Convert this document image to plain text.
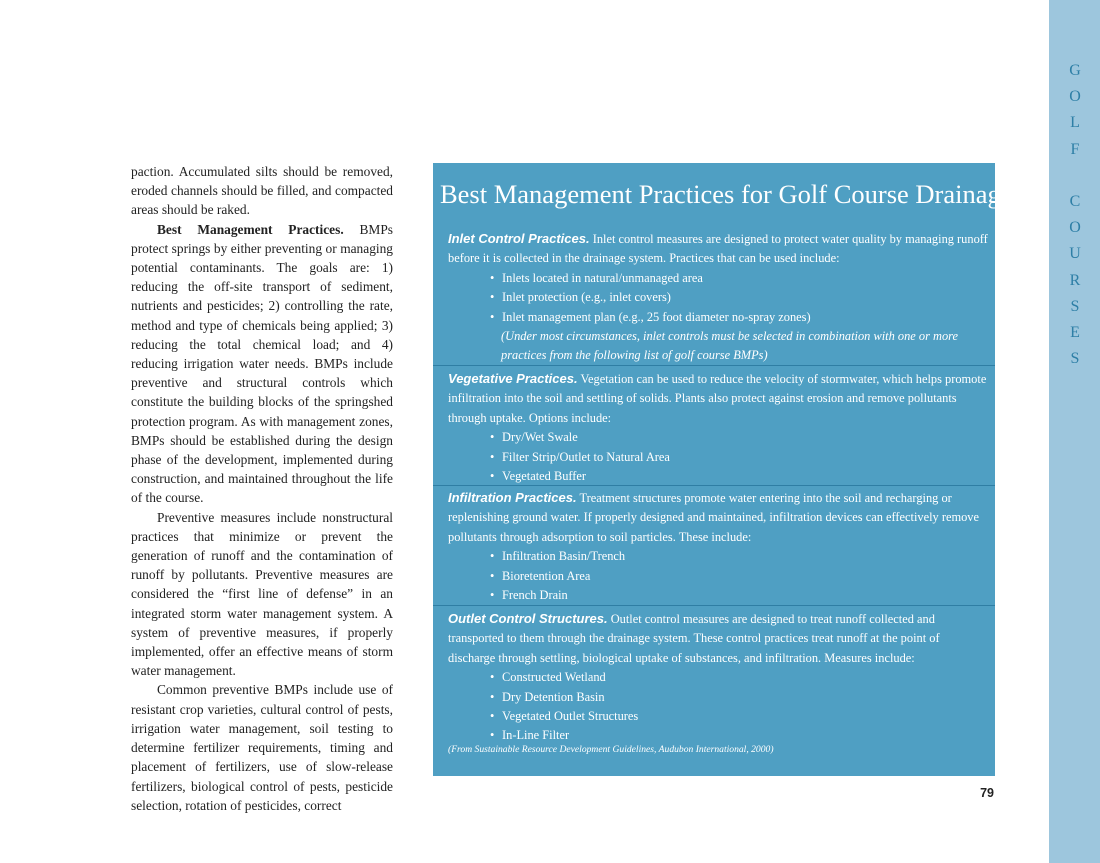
G
O
L
F

C
O
U
R
S
E
S

paction. Accumulated silts should be removed, eroded channels should be filled, and compacted areas should be raked.

Best Management Practices. BMPs protect springs by either preventing or managing potential contaminants. The goals are: 1) reducing the off-site transport of sediment, nutrients and pesticides; 2) controlling the rate, method and type of chemicals being applied; 3) reducing the total chemical load; and 4) reducing irrigation water needs. BMPs include preventive and structural controls which constitute the building blocks of the springshed protection program. As with management zones, BMPs should be established during the design phase of the development, implemented during construction, and maintained throughout the life of the course.

Preventive measures include nonstructural practices that minimize or prevent the generation of runoff and the contamination of runoff by pollutants. Preventive measures are considered the “first line of defense” in an integrated storm water management system. A system of preventive measures, if properly implemented, offer an effective means of storm water management.

Common preventive BMPs include use of resistant crop varieties, cultural control of pests, irrigation water management, soil testing to determine fertilizer requirements, timing and placement of fertilizers, use of slow-release fertilizers, biological control of pests, pesticide selection, rotation of pesticides, correct

Best Management Practices for Golf Course Drainage

Inlet Control Practices. Inlet control measures are designed to protect water quality by managing runoff before it is collected in the drainage system. Practices that can be used include:

• Inlets located in natural/unmanaged area
• Inlet protection (e.g., inlet covers)
• Inlet management plan (e.g., 25 foot diameter no-spray zones)

(Under most circumstances, inlet controls must be selected in combination with one or more practices from the following list of golf course BMPs)

Vegetative Practices. Vegetation can be used to reduce the velocity of stormwater, which helps promote infiltration into the soil and settling of solids. Plants also protect against erosion and remove pollutants through uptake. Options include:

• Dry/Wet Swale
• Filter Strip/Outlet to Natural Area
• Vegetated Buffer

Infiltration Practices. Treatment structures promote water entering into the soil and recharging or replenishing ground water. If properly designed and maintained, infiltration devices can effectively remove pollutants through adsorption to soil particles. These include:

• Infiltration Basin/Trench
• Bioretention Area
• French Drain

Outlet Control Structures. Outlet control measures are designed to treat runoff collected and transported to them through the drainage system. These control practices treat runoff at the point of discharge through settling, biological uptake of substances, and infiltration. Measures include:

• Constructed Wetland
• Dry Detention Basin
• Vegetated Outlet Structures
• In-Line Filter
(From Sustainable Resource Development Guidelines, Audubon International, 2000)
79
